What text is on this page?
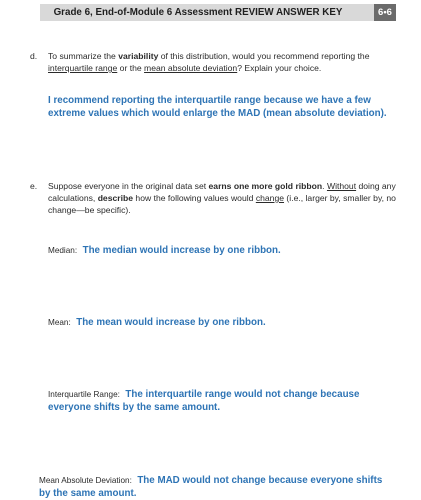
Grade 6, End-of-Module 6 Assessment REVIEW ANSWER KEY	6•6
d. To summarize the variability of this distribution, would you recommend reporting the
interquartile range or the mean absolute deviation? Explain your choice.
I recommend reporting the interquartile range because we have a few
extreme values which would enlarge the MAD (mean absolute deviation).
e. Suppose everyone in the original data set earns one more gold ribbon. Without doing any
calculations, describe how the following values would change (i.e., larger by, smaller by, no
change—be specific).
Median: The median would increase by one ribbon.
Mean: The mean would increase by one ribbon.
Interquartile Range: The interquartile range would not change because
everyone shifts by the same amount.
Mean Absolute Deviation: The MAD would not change because everyone shifts
by the same amount.
